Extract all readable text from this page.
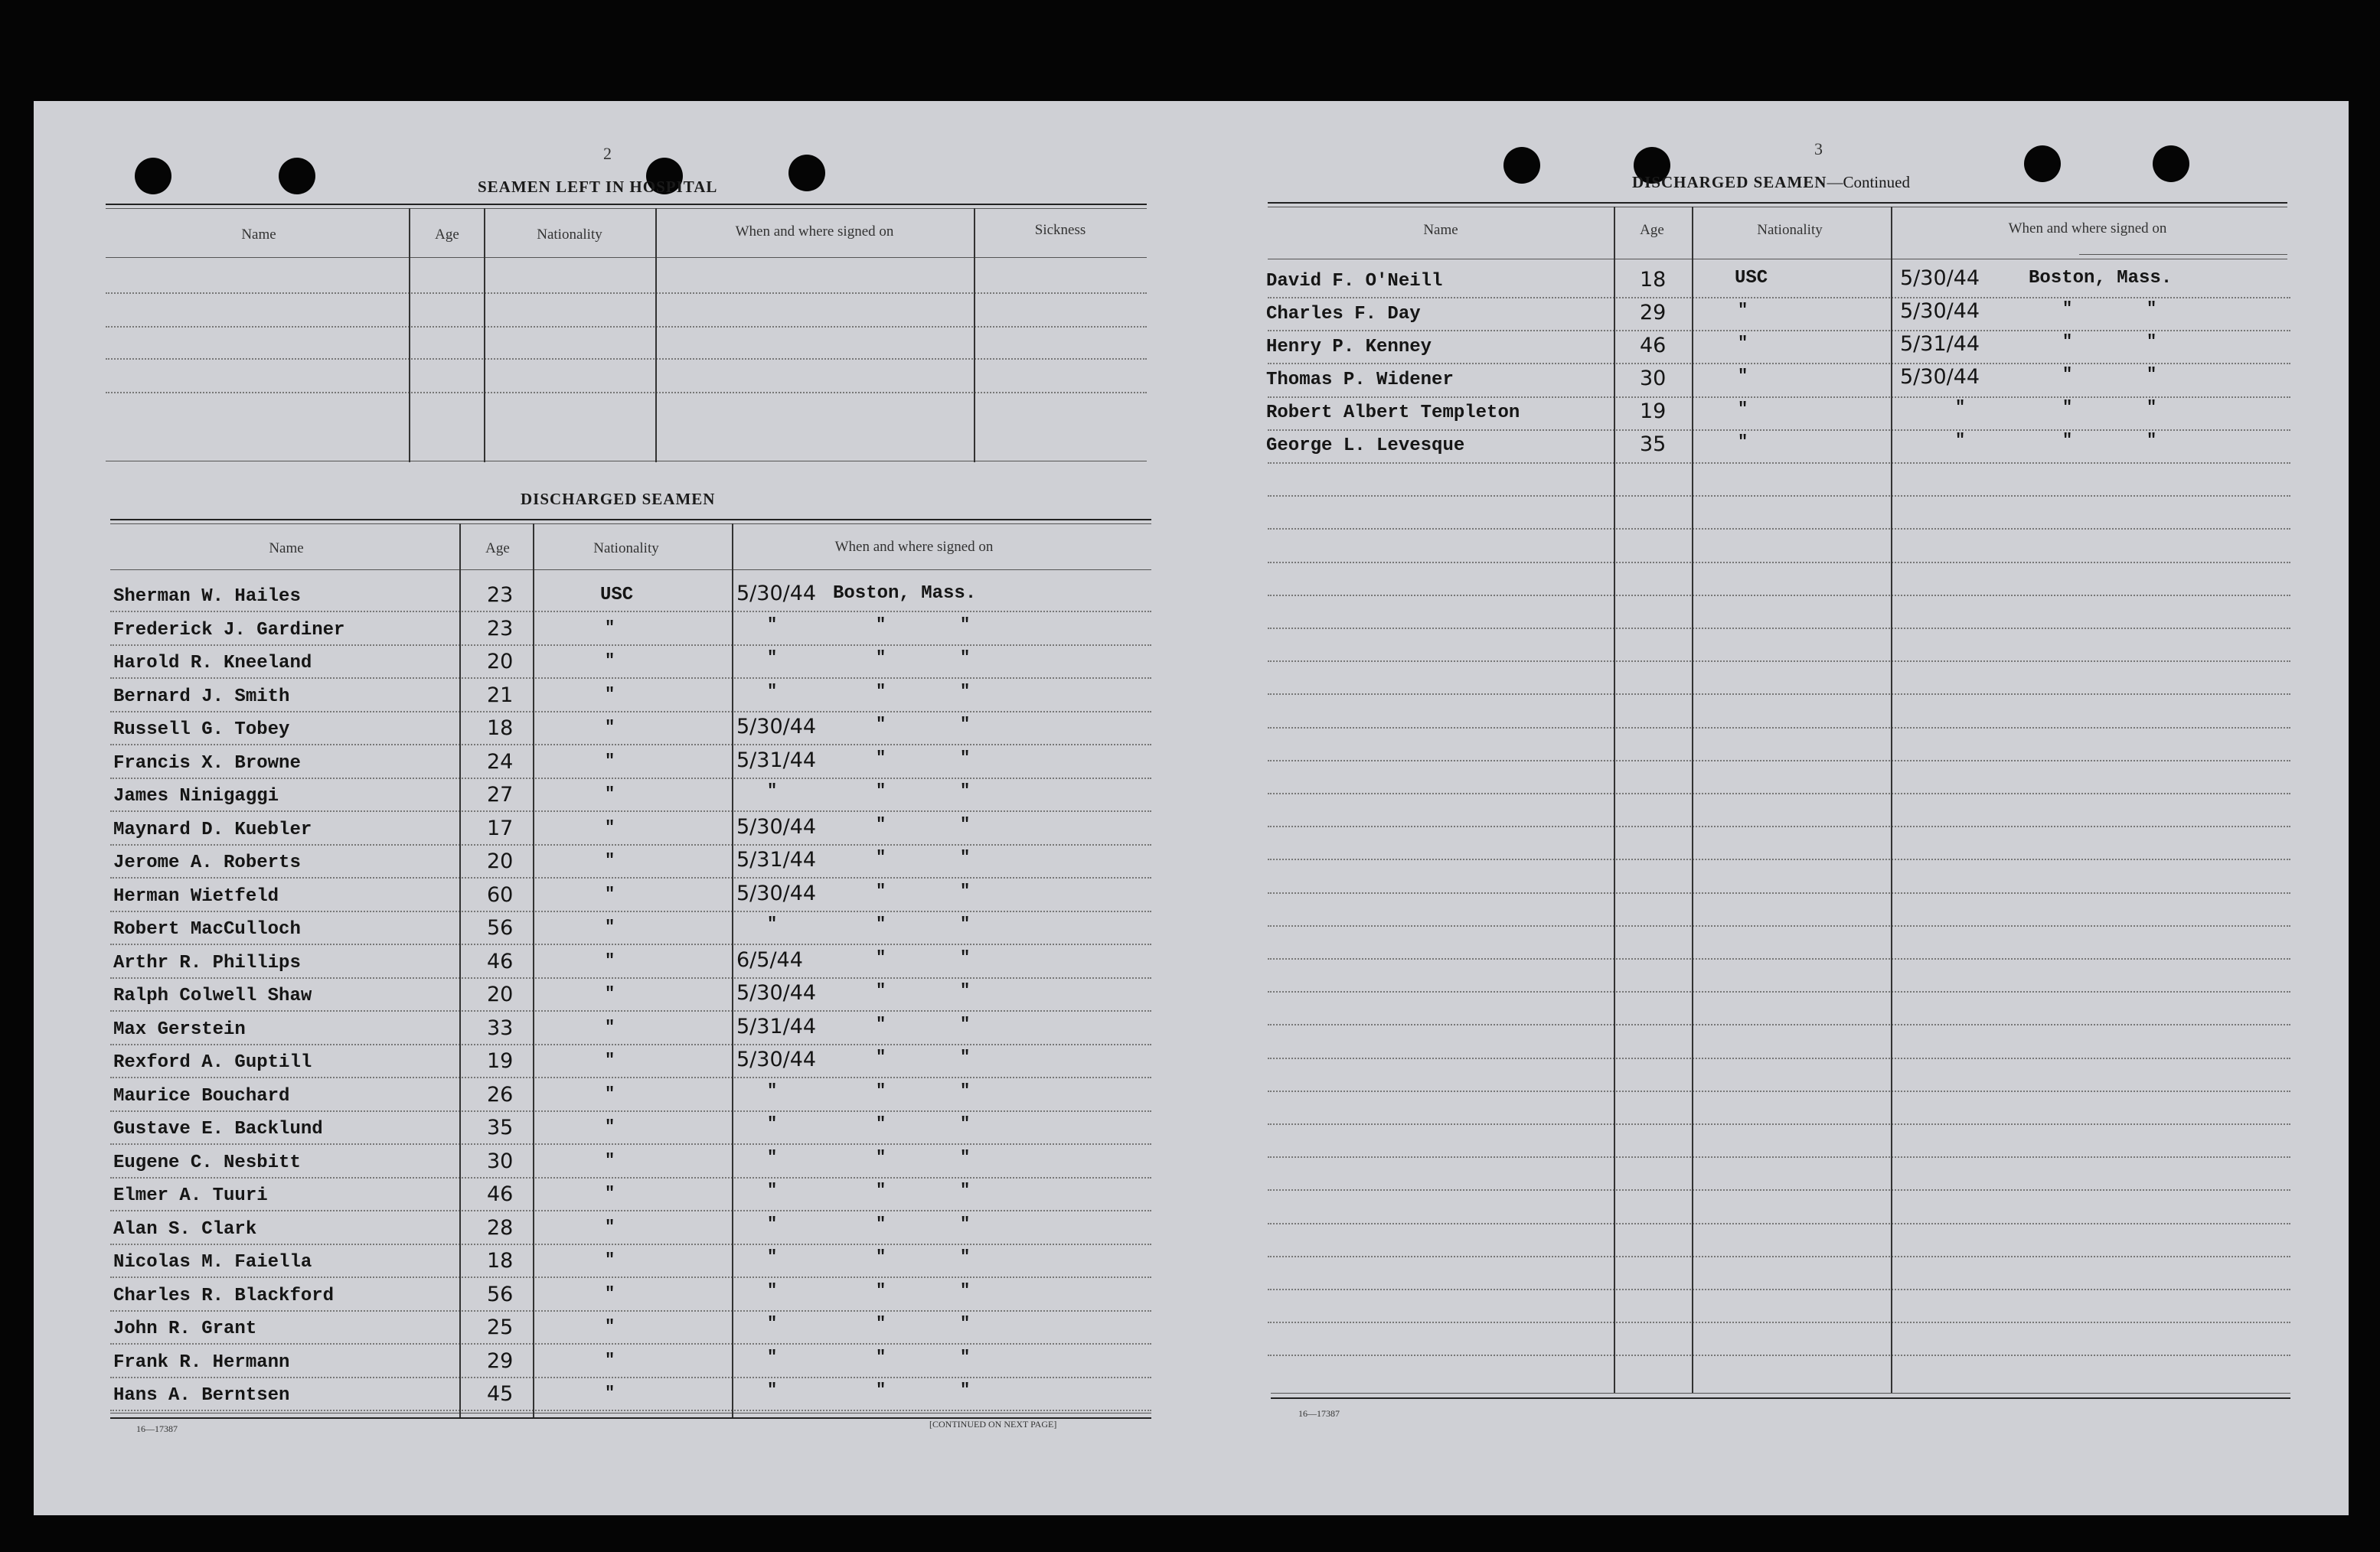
2
SEAMEN LEFT IN HOSPITAL
Name	Age	Nationality	When and where signed on	Sickness
DISCHARGED SEAMEN
Name	Age	Nationality	When and where signed on
Sherman W. Hailes	23	USC	5/30/44 Boston, Mass.
Frederick J. Gardiner	23	"	"	"	"
Harold R. Kneeland	20	"	"	"	"
Bernard J. Smith	21	"	"	"	"
Russell G. Tobey	18	"	5/30/44	"	"
Francis X. Browne	24	"	5/31/44	"	"
James Ninigaggi	27	"	"	"	"
Maynard D. Kuebler	17	"	5/30/44	"	"
Jerome A. Roberts	20	"	5/31/44	"	"
Herman Wietfeld	60	"	5/30/44	"	"
Robert MacCulloch	56	"	"	"	"
Arthr R. Phillips	46	"	6/5/44	"	"
Ralph Colwell Shaw	20	"	5/30/44	"	"
Max Gerstein	33	"	5/31/44	"	"
Rexford A. Guptill	19	"	5/30/44	"	"
Maurice Bouchard	26	"	"	"	"
Gustave E. Backlund	35	"	"	"	"
Eugene C. Nesbitt	30	"	"	"	"
Elmer A. Tuuri	46	"	"	"	"
Alan S. Clark	28	"	"	"	"
Nicolas M. Faiella	18	"	"	"	"
Charles R. Blackford	56	"	"	"	"
John R. Grant	25	"	"	"	"
Frank R. Hermann	29	"	"	"	"
Hans A. Berntsen	45	"	"	"	"
16—17387	[CONTINUED ON NEXT PAGE]
3
DISCHARGED SEAMEN—Continued
Name	Age	Nationality	When and where signed on
David F. O'Neill	18	USC	5/30/44	Boston, Mass.
Charles F. Day	29	"	5/30/44	"	"
Henry P. Kenney	46	"	5/31/44	"	"
Thomas P. Widener	30	"	5/30/44	"	"
Robert Albert Templeton	19	"	"	"	"
George L. Levesque	35	"	"	"	"
16—17387
